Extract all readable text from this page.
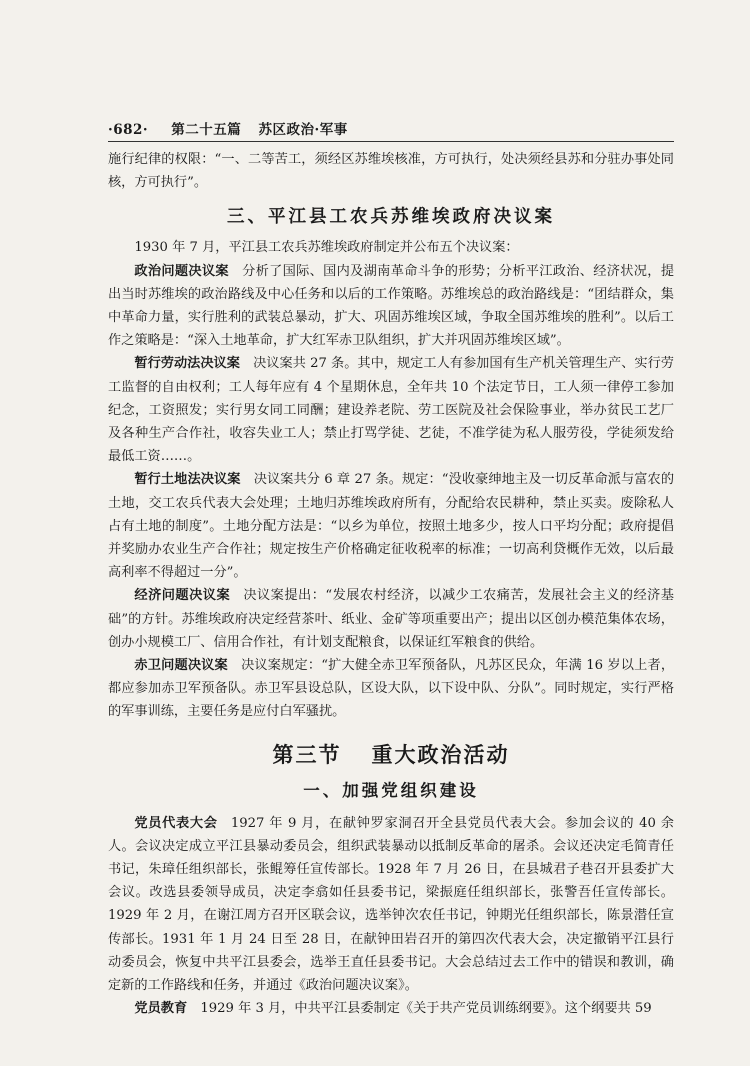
·682· 第二十五篇 苏区政治·军事

施行纪律的权限：“一、二等苦工，须经区苏维埃核准，方可执行，处决须经县苏和分驻办事处同核，方可执行”。

三、平江县工农兵苏维埃政府决议案

1930 年 7 月，平江县工农兵苏维埃政府制定并公布五个决议案：

政治问题决议案 分析了国际、国内及湖南革命斗争的形势；分析平江政治、经济状况，提出当时苏维埃的政治路线及中心任务和以后的工作策略。苏维埃总的政治路线是：“团结群众，集中革命力量，实行胜利的武装总暴动，扩大、巩固苏维埃区域，争取全国苏维埃的胜利”。以后工作之策略是：“深入土地革命，扩大红军赤卫队组织，扩大并巩固苏维埃区域”。

暂行劳动法决议案 决议案共 27 条。其中，规定工人有参加国有生产机关管理生产、实行劳工监督的自由权利；工人每年应有 4 个星期休息，全年共 10 个法定节日，工人须一律停工参加纪念，工资照发；实行男女同工同酬；建设养老院、劳工医院及社会保险事业，举办贫民工艺厂及各种生产合作社，收容失业工人；禁止打骂学徒、艺徒，不准学徒为私人服劳役，学徒须发给最低工资……。

暂行土地法决议案 决议案共分 6 章 27 条。规定：“没收豪绅地主及一切反革命派与富农的土地，交工农兵代表大会处理；土地归苏维埃政府所有，分配给农民耕种，禁止买卖。废除私人占有土地的制度”。土地分配方法是：“以乡为单位，按照土地多少，按人口平均分配；政府提倡并奖励办农业生产合作社；规定按生产价格确定征收税率的标准；一切高利贷概作无效，以后最高利率不得超过一分”。

经济问题决议案 决议案提出：“发展农村经济，以减少工农痛苦，发展社会主义的经济基础”的方针。苏维埃政府决定经营茶叶、纸业、金矿等项重要出产；提出以区创办模范集体农场，创办小规模工厂、信用合作社，有计划支配粮食，以保证红军粮食的供给。

赤卫问题决议案 决议案规定：“扩大健全赤卫军预备队，凡苏区民众，年满 16 岁以上者，都应参加赤卫军预备队。赤卫军县设总队，区设大队，以下设中队、分队”。同时规定，实行严格的军事训练，主要任务是应付白军骚扰。

第三节 重大政治活动
一、加强党组织建设

党员代表大会 1927 年 9 月，在献钟罗家洞召开全县党员代表大会。参加会议的 40 余人。会议决定成立平江县暴动委员会，组织武装暴动以抵制反革命的屠杀。会议还决定毛简青任书记，朱璋任组织部长，张鲲筹任宣传部长。1928 年 7 月 26 日，在县城君子巷召开县委扩大会议。改选县委领导成员，决定李翕如任县委书记，梁振庭任组织部长，张警吾任宣传部长。1929 年 2 月，在谢江周方召开区联会议，选举钟次农任书记，钟期光任组织部长，陈景潜任宣传部长。1931 年 1 月 24 日至 28 日，在献钟田岩召开的第四次代表大会，决定撤销平江县行动委员会，恢复中共平江县委会，选举王直任县委书记。大会总结过去工作中的错误和教训，确定新的工作路线和任务，并通过《政治问题决议案》。

党员教育 1929 年 3 月，中共平江县委制定《关于共产党员训练纲要》。这个纲要共 59
